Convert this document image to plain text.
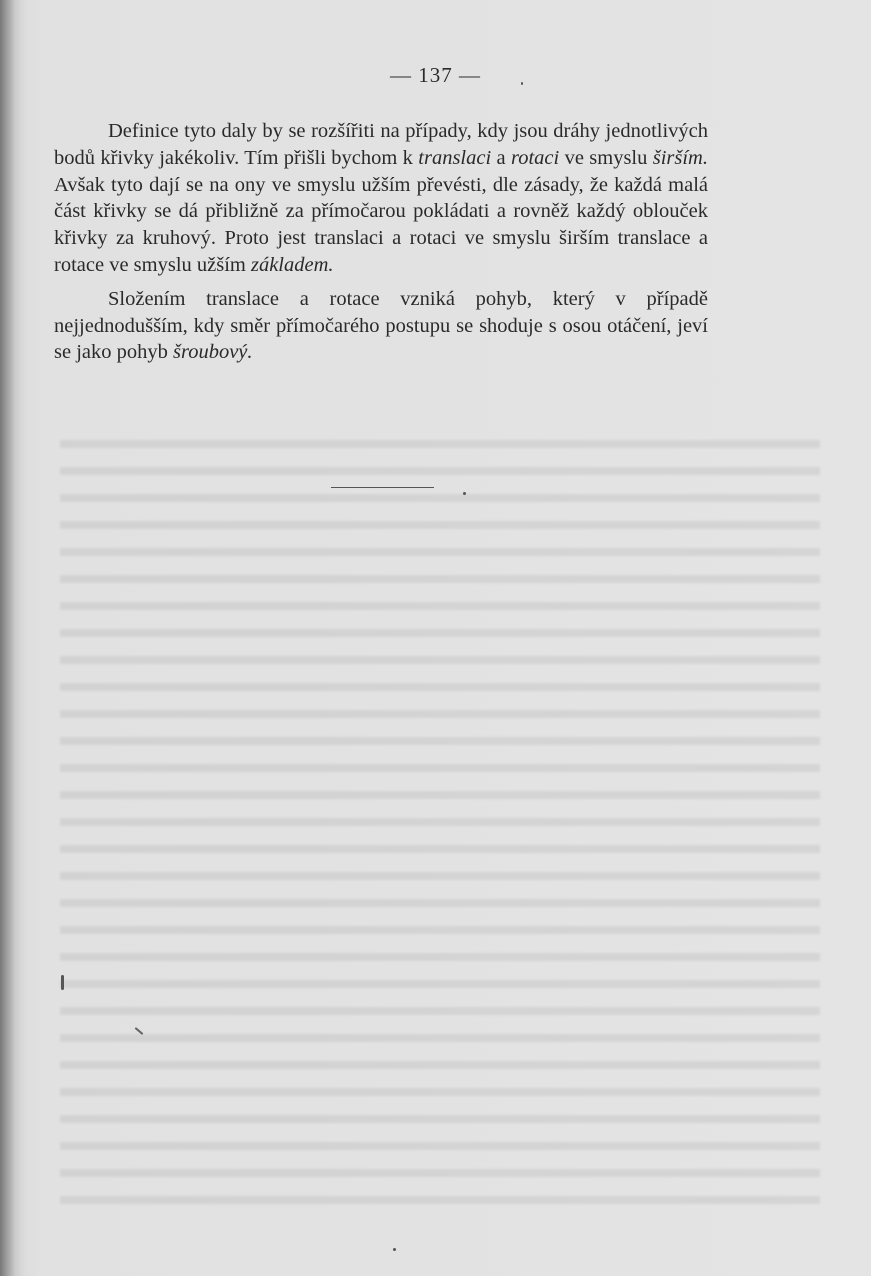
— 137 —

Definice tyto daly by se rozšířiti na případy, kdy jsou dráhy jednotlivých bodů křivky jakékoliv. Tím přišli bychom k translaci a rotaci ve smyslu širším. Avšak tyto dají se na ony ve smyslu užším převésti, dle zásady, že každá malá část křivky se dá přibližně za přímočarou pokládati a rovněž každý oblouček křivky za kruhový. Proto jest translaci a rotaci ve smyslu širším translace a rotace ve smyslu užším základem.

Složením translace a rotace vzniká pohyb, který v případě nejjednodušším, kdy směr přímočarého postupu se shoduje s osou otáčení, jeví se jako pohyb šroubový.
